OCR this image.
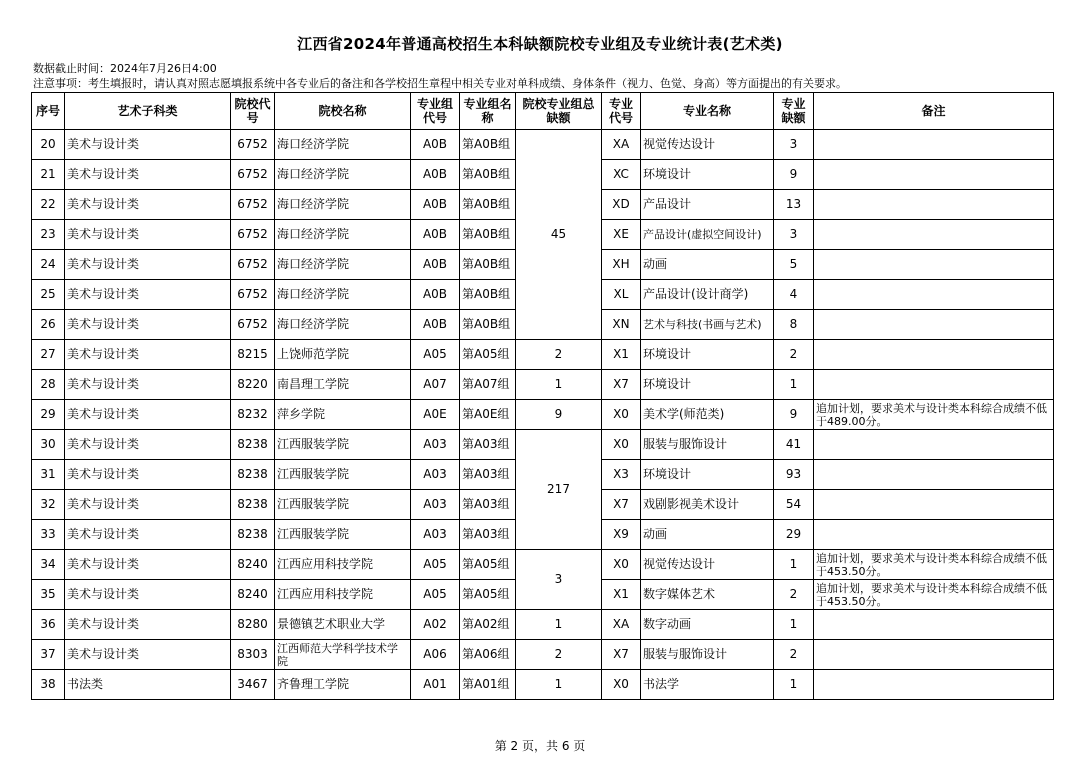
江西省2024年普通高校招生本科缺额院校专业组及专业统计表(艺术类)
数据截止时间：2024年7月26日4:00
注意事项：考生填报时，请认真对照志愿填报系统中各专业后的备注和各学校招生章程中相关专业对单科成绩、身体条件（视力、色觉、身高）等方面提出的有关要求。
序号	艺术子科类	院校代号	院校名称	专业组代号	专业组名称	院校专业组总缺额	专业代号	专业名称	专业缺额	备注
20	美术与设计类	6752	海口经济学院	A0B	第A0B组	45	XA	视觉传达设计	3	
21	美术与设计类	6752	海口经济学院	A0B	第A0B组		XC	环境设计	9	
22	美术与设计类	6752	海口经济学院	A0B	第A0B组		XD	产品设计	13	
23	美术与设计类	6752	海口经济学院	A0B	第A0B组		XE	产品设计(虚拟空间设计)	3	
24	美术与设计类	6752	海口经济学院	A0B	第A0B组		XH	动画	5	
25	美术与设计类	6752	海口经济学院	A0B	第A0B组		XL	产品设计(设计商学)	4	
26	美术与设计类	6752	海口经济学院	A0B	第A0B组		XN	艺术与科技(书画与艺术)	8	
27	美术与设计类	8215	上饶师范学院	A05	第A05组	2	X1	环境设计	2	
28	美术与设计类	8220	南昌理工学院	A07	第A07组	1	X7	环境设计	1	
29	美术与设计类	8232	萍乡学院	A0E	第A0E组	9	X0	美术学(师范类)	9	追加计划，要求美术与设计类本科综合成绩不低于489.00分。
30	美术与设计类	8238	江西服装学院	A03	第A03组	217	X0	服装与服饰设计	41	
31	美术与设计类	8238	江西服装学院	A03	第A03组		X3	环境设计	93	
32	美术与设计类	8238	江西服装学院	A03	第A03组		X7	戏剧影视美术设计	54	
33	美术与设计类	8238	江西服装学院	A03	第A03组		X9	动画	29	
34	美术与设计类	8240	江西应用科技学院	A05	第A05组	3	X0	视觉传达设计	1	追加计划，要求美术与设计类本科综合成绩不低于453.50分。
35	美术与设计类	8240	江西应用科技学院	A05	第A05组		X1	数字媒体艺术	2	追加计划，要求美术与设计类本科综合成绩不低于453.50分。
36	美术与设计类	8280	景德镇艺术职业大学	A02	第A02组	1	XA	数字动画	1	
37	美术与设计类	8303	江西师范大学科学技术学院	A06	第A06组	2	X7	服装与服饰设计	2	
38	书法类	3467	齐鲁理工学院	A01	第A01组	1	X0	书法学	1	
第 2 页，共 6 页
